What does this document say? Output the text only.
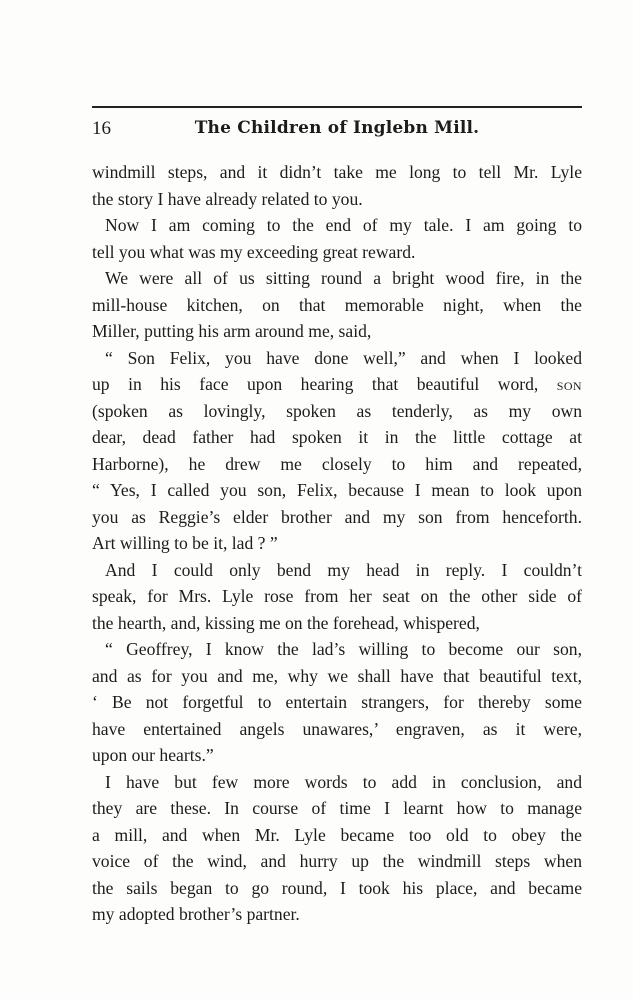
16	The Children of Inglebn Mill.
windmill steps, and it didn’t take me long to tell Mr. Lyle
the story I have already related to you.
Now I am coming to the end of my tale. I am going to
tell you what was my exceeding great reward.
We were all of us sitting round a bright wood fire, in the
mill-house kitchen, on that memorable night, when the
Miller, putting his arm around me, said,
“ Son Felix, you have done well,” and when I looked
up in his face upon hearing that beautiful word, son
(spoken as lovingly, spoken as tenderly, as my own
dear, dead father had spoken it in the little cottage at
Harborne), he drew me closely to him and repeated,
“ Yes, I called you son, Felix, because I mean to look upon
you as Reggie’s elder brother and my son from henceforth.
Art willing to be it, lad ? ”
And I could only bend my head in reply. I couldn’t
speak, for Mrs. Lyle rose from her seat on the other side of
the hearth, and, kissing me on the forehead, whispered,
“ Geoffrey, I know the lad’s willing to become our son,
and as for you and me, why we shall have that beautiful text,
‘ Be not forgetful to entertain strangers, for thereby some
have entertained angels unawares,’ engraven, as it were,
upon our hearts.”
I have but few more words to add in conclusion, and
they are these. In course of time I learnt how to manage
a mill, and when Mr. Lyle became too old to obey the
voice of the wind, and hurry up the windmill steps when
the sails began to go round, I took his place, and became
my adopted brother’s partner.
